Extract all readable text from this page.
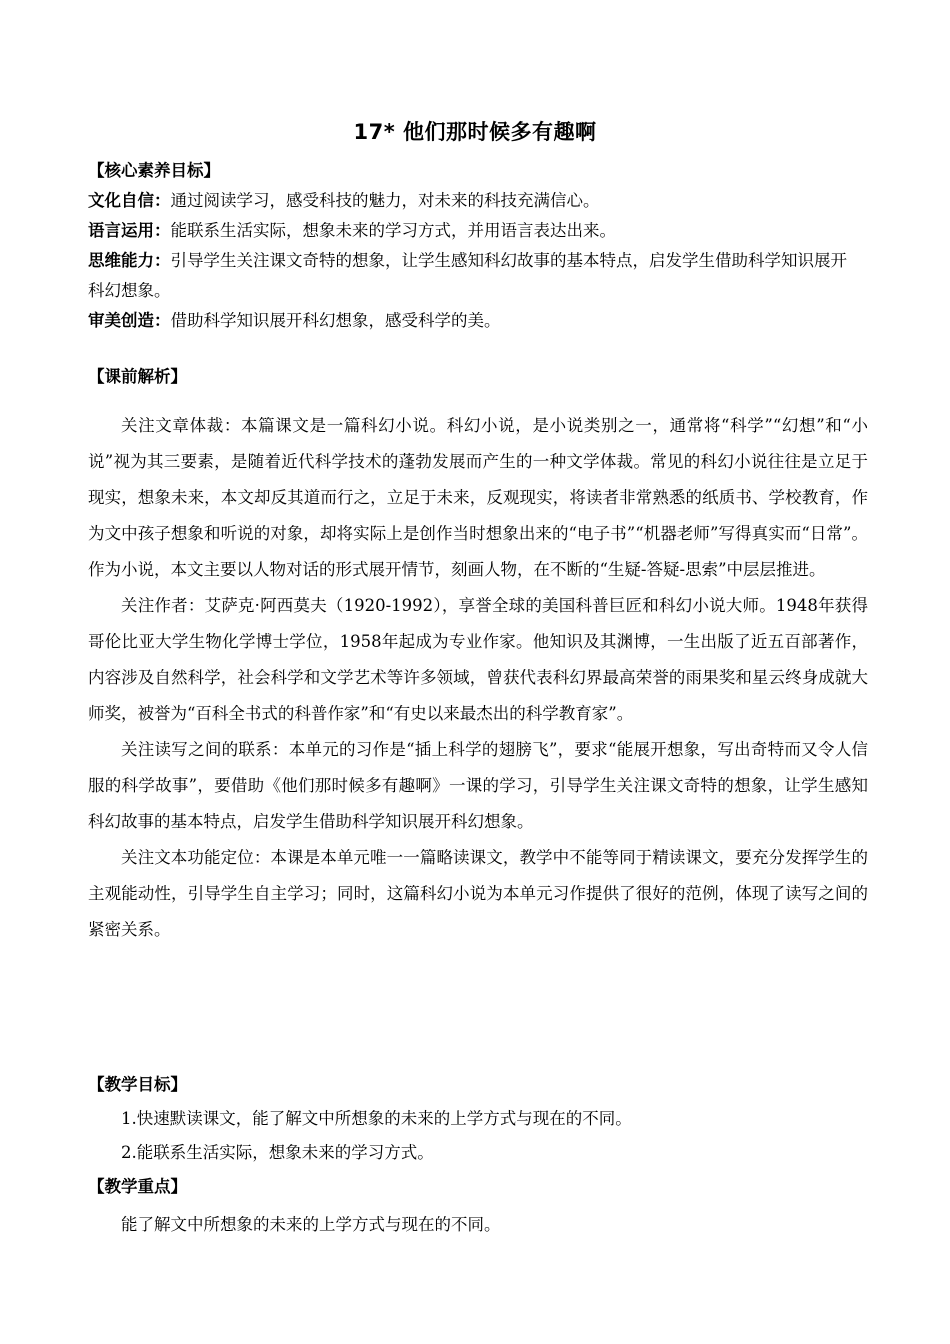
17* 他们那时候多有趣啊

【核心素养目标】

文化自信：通过阅读学习，感受科技的魅力，对未来的科技充满信心。

语言运用：能联系生活实际，想象未来的学习方式，并用语言表达出来。

思维能力：引导学生关注课文奇特的想象，让学生感知科幻故事的基本特点，启发学生借助科学知识展开科幻想象。

审美创造：借助科学知识展开科幻想象，感受科学的美。

【课前解析】

关注文章体裁：本篇课文是一篇科幻小说。科幻小说，是小说类别之一，通常将“科学”“幻想”和“小说”视为其三要素，是随着近代科学技术的蓬勃发展而产生的一种文学体裁。常见的科幻小说往往是立足于现实，想象未来，本文却反其道而行之，立足于未来，反观现实，将读者非常熟悉的纸质书、学校教育，作为文中孩子想象和听说的对象，却将实际上是创作当时想象出来的“电子书”“机器老师”写得真实而“日常”。作为小说，本文主要以人物对话的形式展开情节，刻画人物，在不断的“生疑-答疑-思索”中层层推进。

关注作者：艾萨克·阿西莫夫（1920-1992），享誉全球的美国科普巨匠和科幻小说大师。1948年获得哥伦比亚大学生物化学博士学位，1958年起成为专业作家。他知识及其渊博，一生出版了近五百部著作，内容涉及自然科学，社会科学和文学艺术等许多领域，曾获代表科幻界最高荣誉的雨果奖和星云终身成就大师奖，被誉为“百科全书式的科普作家”和“有史以来最杰出的科学教育家”。

关注读写之间的联系：本单元的习作是“插上科学的翅膀飞”，要求“能展开想象，写出奇特而又令人信服的科学故事”，要借助《他们那时候多有趣啊》一课的学习，引导学生关注课文奇特的想象，让学生感知科幻故事的基本特点，启发学生借助科学知识展开科幻想象。

关注文本功能定位：本课是本单元唯一一篇略读课文，教学中不能等同于精读课文，要充分发挥学生的主观能动性，引导学生自主学习；同时，这篇科幻小说为本单元习作提供了很好的范例，体现了读写之间的紧密关系。

【教学目标】

1.快速默读课文，能了解文中所想象的未来的上学方式与现在的不同。

2.能联系生活实际，想象未来的学习方式。

【教学重点】

能了解文中所想象的未来的上学方式与现在的不同。
